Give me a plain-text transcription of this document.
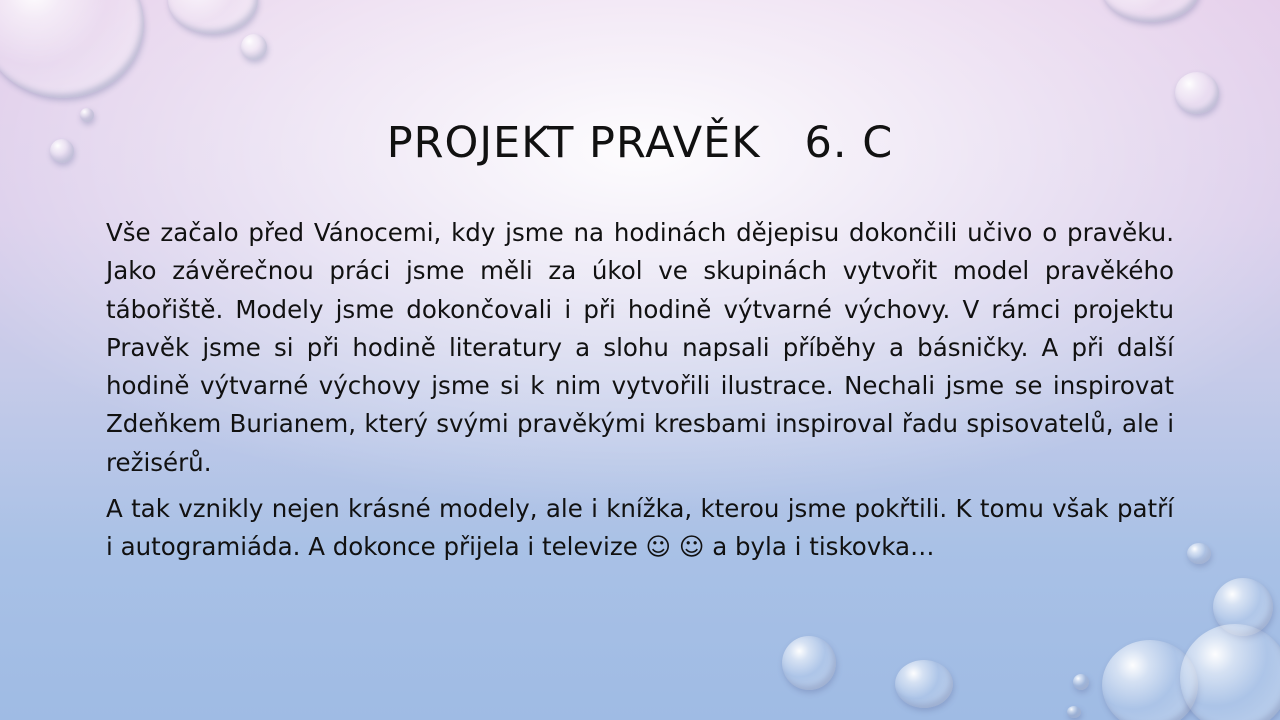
PROJEKT PRAVĚK   6. C

Vše začalo před Vánocemi, kdy jsme na hodinách dějepisu dokončili učivo o pravěku. Jako závěrečnou práci jsme měli za úkol ve skupinách vytvořit model pravěkého tábořiště. Modely jsme dokončovali i při hodině výtvarné výchovy. V rámci projektu Pravěk jsme si při hodině literatury a slohu napsali příběhy a básničky. A při další hodině výtvarné výchovy jsme si k nim vytvořili ilustrace. Nechali jsme se inspirovat Zdeňkem Burianem, který svými pravěkými kresbami inspiroval řadu spisovatelů, ale i režisérů.

A tak vznikly nejen krásné modely, ale i knížka, kterou jsme pokřtili. K tomu však patří i autogramiáda. A dokonce přijela i televize ☺ ☺ a byla i tiskovka…
